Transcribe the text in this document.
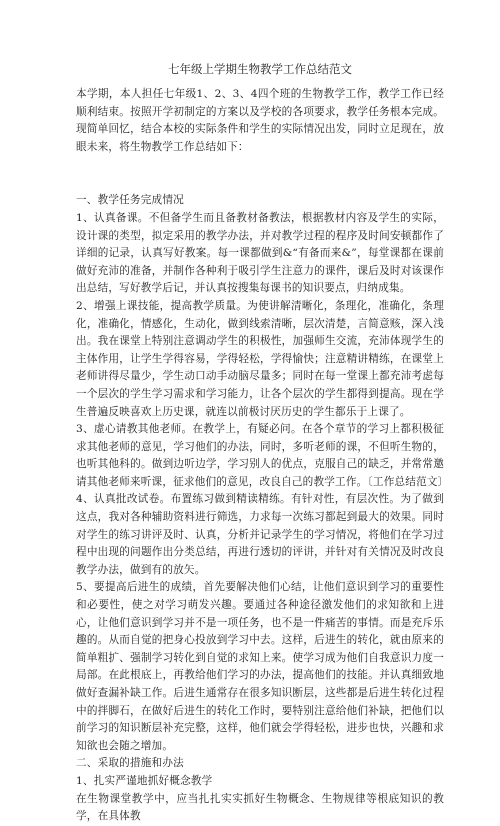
七年级上学期生物教学工作总结范文

本学期，本人担任七年级1、2、3、4四个班的生物教学工作，教学工作已经顺利结束。按照开学初制定的方案以及学校的各项要求，教学任务根本完成。现简单回忆，结合本校的实际条件和学生的实际情况出发，同时立足现在，放眼未来，将生物教学工作总结如下：

一、教学任务完成情况

1、认真备课。不但备学生而且备教材备教法，根据教材内容及学生的实际，设计课的类型，拟定采用的教学办法，并对教学过程的程序及时间安顿都作了详细的记录，认真写好教案。每一课都做到&“有备而来&”，每堂课都在课前做好充沛的准备，并制作各种利于吸引学生注意力的课件，课后及时对该课作出总结，写好教学后记，并认真按搜集每课书的知识要点，归纳成集。

2、增强上课技能，提高教学质量。为使讲解清晰化，条理化，准确化，条理化，准确化，情感化，生动化，做到线索清晰，层次清楚，言简意赅，深入浅出。我在课堂上特别注意调动学生的积极性，加强师生交流，充沛体现学生的主体作用，让学生学得容易，学得轻松，学得愉快；注意精讲精练，在课堂上老师讲得尽量少，学生动口动手动脑尽量多；同时在每一堂课上都充沛考虑每一个层次的学生学习需求和学习能力，让各个层次的学生都得到提高。现在学生普遍反映喜欢上历史课，就连以前极讨厌历史的学生都乐于上课了。

3、虚心请教其他老师。在教学上，有疑必问。在各个章节的学习上都积极征求其他老师的意见，学习他们的办法，同时，多听老师的课，不但听生物的，也听其他科的。做到边听边学，学习别人的优点，克服自己的缺乏，并常常邀请其他老师来听课，征求他们的意见，改良自己的教学工作。〔工作总结范文〕

4、认真批改试卷。布置练习做到精读精练。有针对性，有层次性。为了做到这点，我对各种辅助资料进行筛选，力求每一次练习都起到最大的效果。同时对学生的练习讲评及时、认真，分析并记录学生的学习情况，将他们在学习过程中出现的问题作出分类总结，再进行透切的评讲，并针对有关情况及时改良教学办法，做到有的放矢。

5、要提高后进生的成绩，首先要解决他们心结，让他们意识到学习的重要性和必要性，使之对学习萌发兴趣。要通过各种途径激发他们的求知欲和上进心，让他们意识到学习并不是一项任务，也不是一件痛苦的事情。而是充斥乐趣的。从而自觉的把身心投放到学习中去。这样，后进生的转化，就由原来的简单粗扩、强制学习转化到自觉的求知上来。使学习成为他们自我意识力度一局部。在此根底上，再教给他们学习的办法，提高他们的技能。并认真细致地做好查漏补缺工作。后进生通常存在很多知识断层，这些都是后进生转化过程中的拌脚石，在做好后进生的转化工作时，要特别注意给他们补缺，把他们以前学习的知识断层补充完整，这样，他们就会学得轻松，进步也快，兴趣和求知欲也会随之增加。

二、采取的措施和办法

1、扎实严谨地抓好概念教学

在生物课堂教学中，应当扎扎实实抓好生物概念、生物规律等根底知识的教学，在具体教
